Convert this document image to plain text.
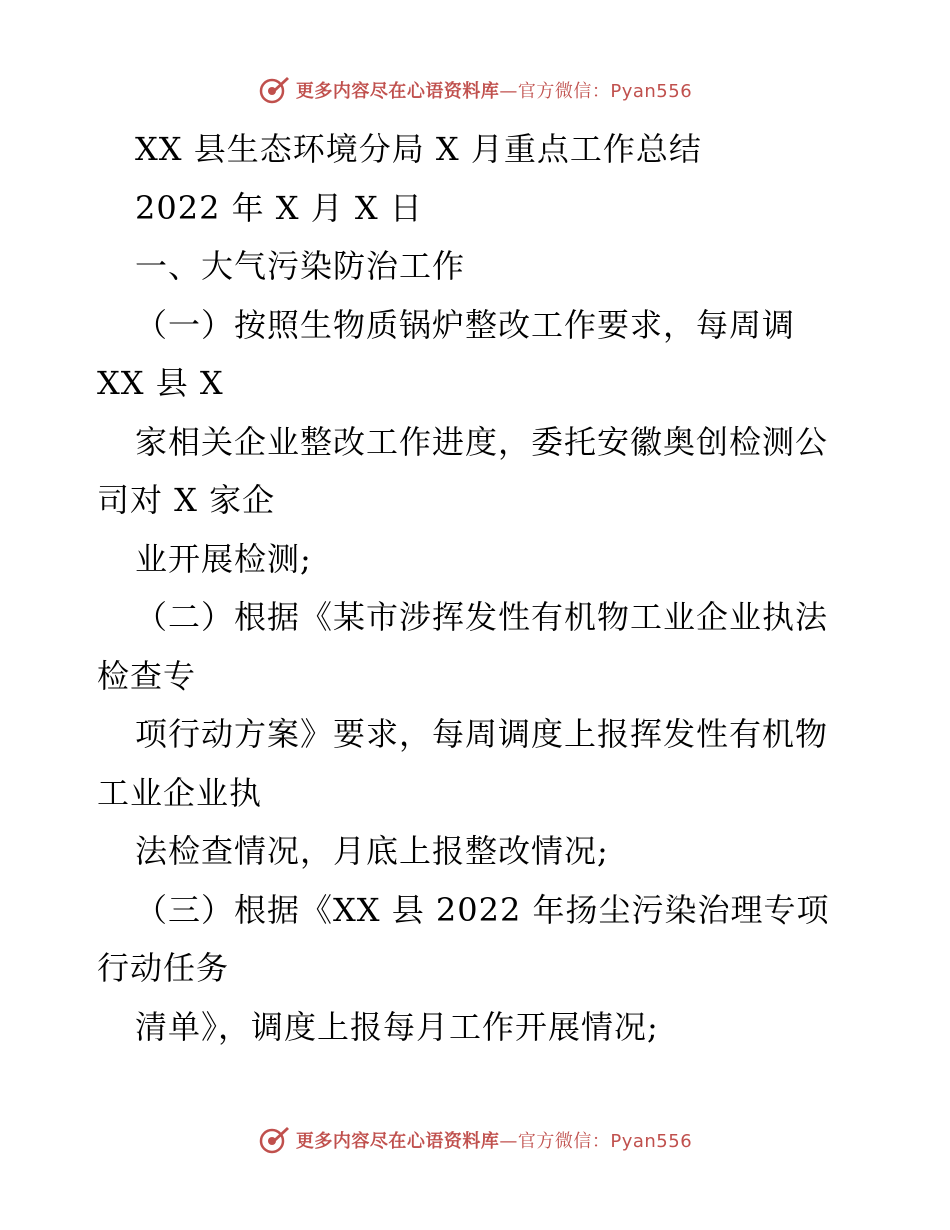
更多内容尽在心语资料库—官方微信：Pyan556
XX 县生态环境分局 X 月重点工作总结
2022 年 X 月 X 日
一、大气污染防治工作
（一）按照生物质锅炉整改工作要求，每周调
XX 县 X
家相关企业整改工作进度，委托安徽奥创检测公
司对 X 家企
业开展检测;
（二）根据《某市涉挥发性有机物工业企业执法
检查专
项行动方案》要求，每周调度上报挥发性有机物
工业企业执
法检查情况，月底上报整改情况;
（三）根据《XX 县 2022 年扬尘污染治理专项
行动任务
清单》，调度上报每月工作开展情况;
更多内容尽在心语资料库—官方微信：Pyan556
